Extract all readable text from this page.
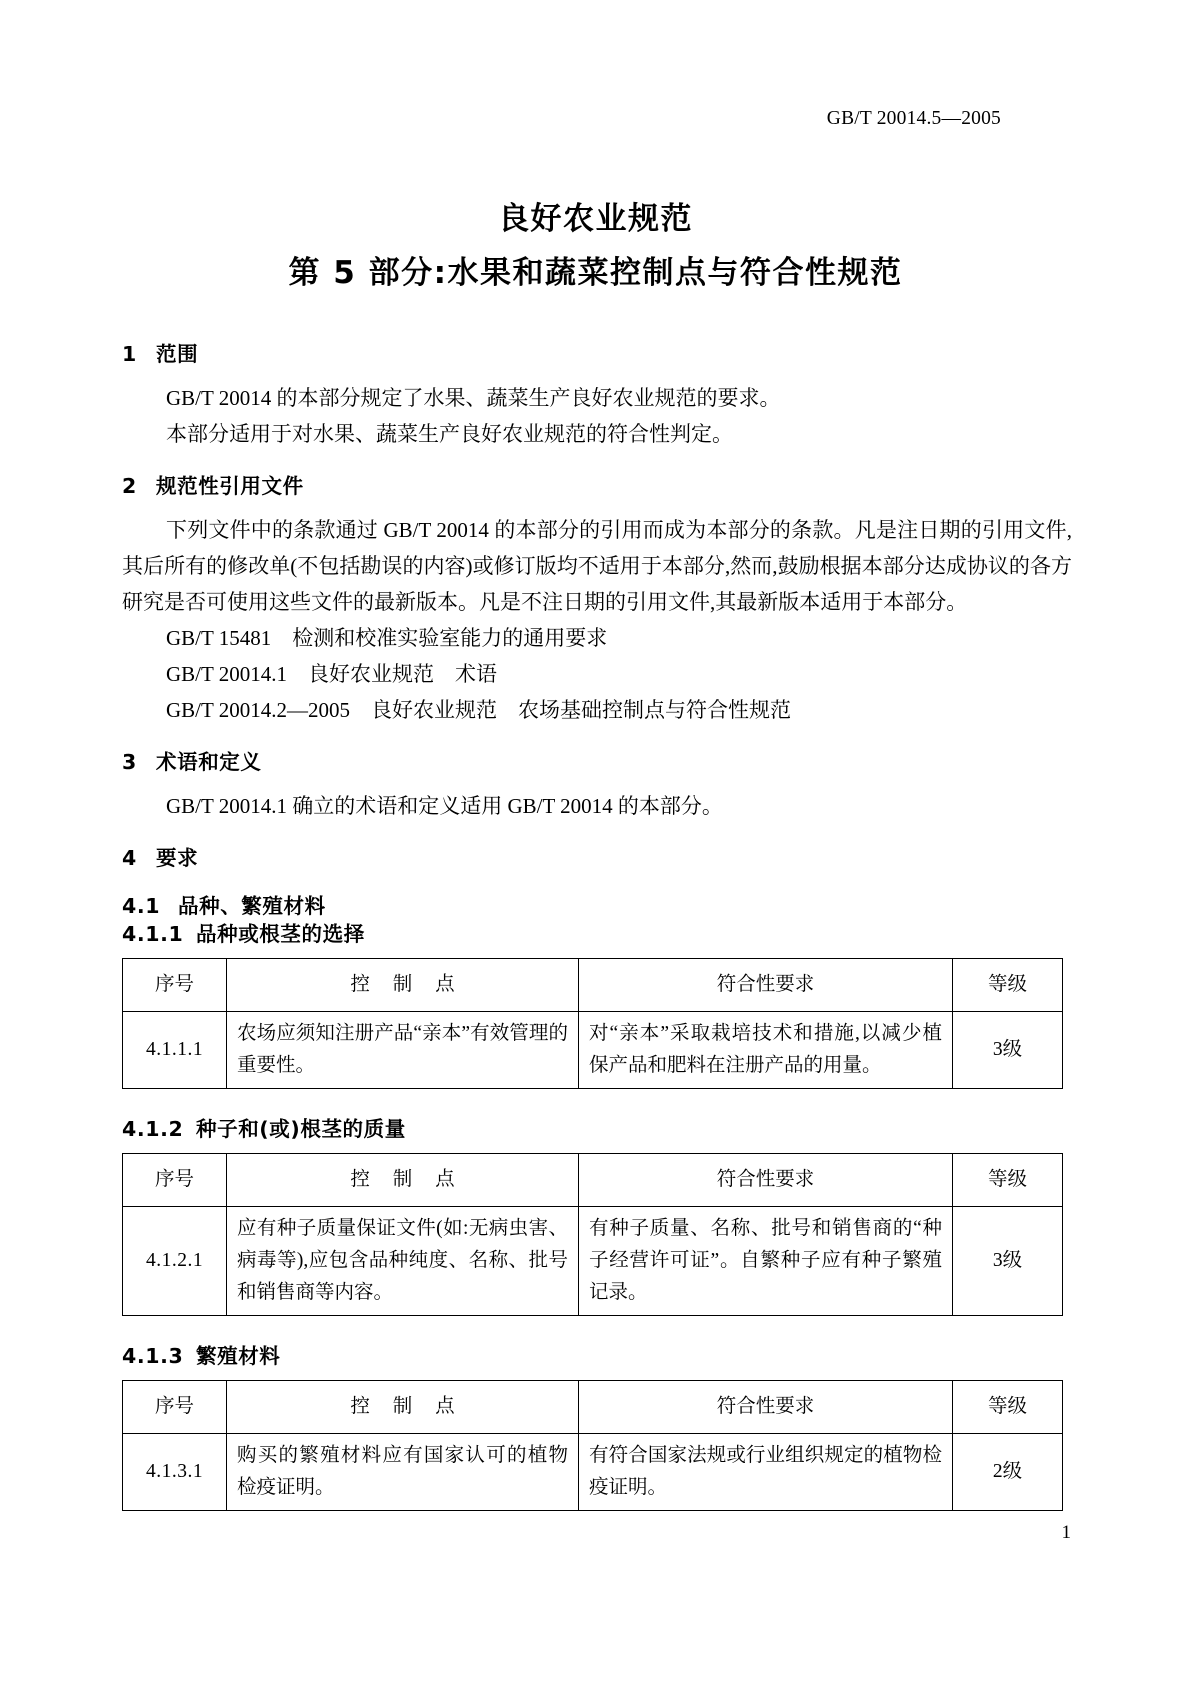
GB/T 20014.5—2005
良好农业规范
第 5 部分:水果和蔬菜控制点与符合性规范
1 范围

GB/T 20014 的本部分规定了水果、蔬菜生产良好农业规范的要求。

本部分适用于对水果、蔬菜生产良好农业规范的符合性判定。

2 规范性引用文件

下列文件中的条款通过 GB/T 20014 的本部分的引用而成为本部分的条款。凡是注日期的引用文件,其后所有的修改单(不包括勘误的内容)或修订版均不适用于本部分,然而,鼓励根据本部分达成协议的各方研究是否可使用这些文件的最新版本。凡是不注日期的引用文件,其最新版本适用于本部分。

GB/T 15481    检测和校准实验室能力的通用要求

GB/T 20014.1    良好农业规范    术语

GB/T 20014.2—2005    良好农业规范    农场基础控制点与符合性规范

3 术语和定义

GB/T 20014.1 确立的术语和定义适用 GB/T 20014 的本部分。

4 要求
4.1 品种、繁殖材料
4.1.1 品种或根茎的选择
序号	控 制 点	符合性要求	等级
4.1.1.1	农场应须知注册产品“亲本”有效管理的重要性。	对“亲本”采取栽培技术和措施,以减少植保产品和肥料在注册产品的用量。	3级
4.1.2 种子和(或)根茎的质量
序号	控 制 点	符合性要求	等级
4.1.2.1	应有种子质量保证文件(如:无病虫害、病毒等),应包含品种纯度、名称、批号和销售商等内容。	有种子质量、名称、批号和销售商的“种子经营许可证”。自繁种子应有种子繁殖记录。	3级
4.1.3 繁殖材料
序号	控 制 点	符合性要求	等级
4.1.3.1	购买的繁殖材料应有国家认可的植物检疫证明。	有符合国家法规或行业组织规定的植物检疫证明。	2级
1
